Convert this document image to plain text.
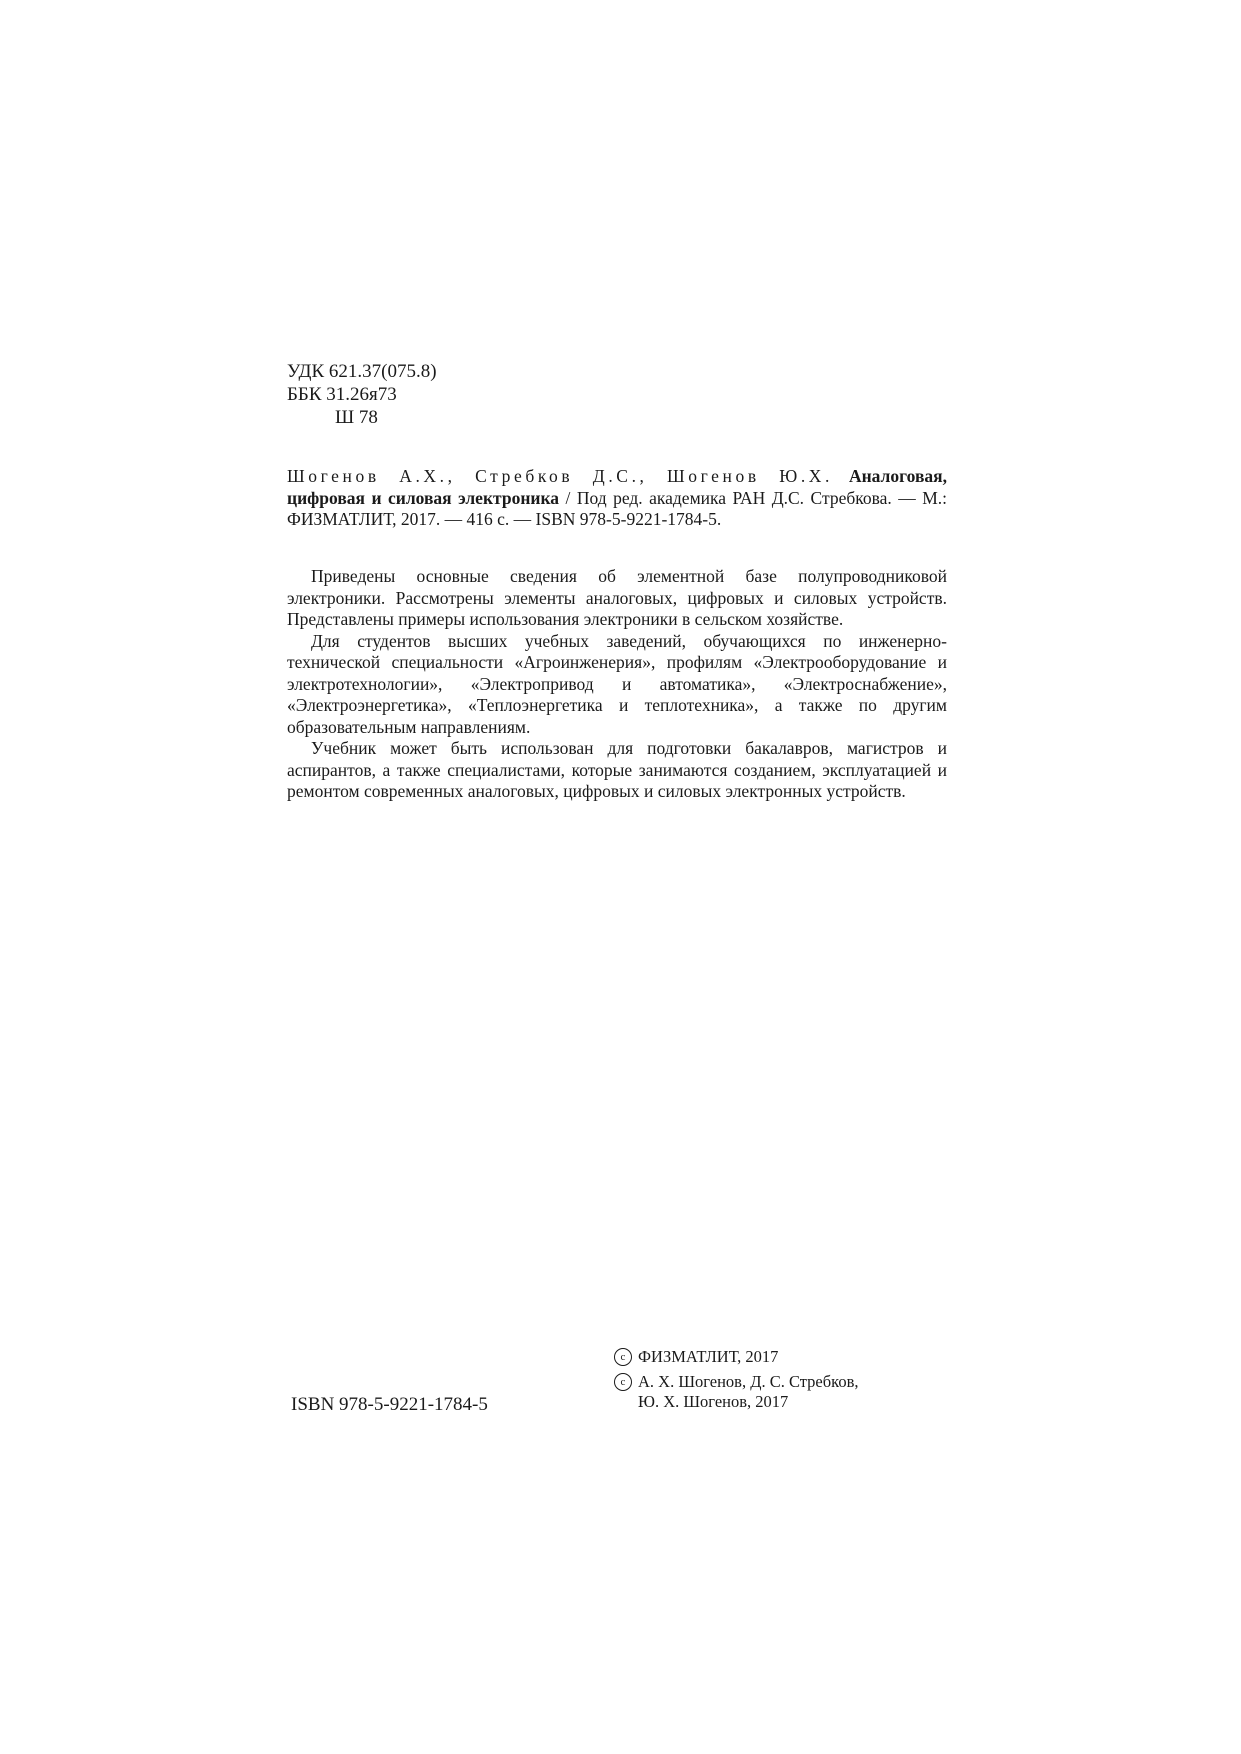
УДК 621.37(075.8)
ББК 31.26я73
Ш 78
Шогенов А.Х., Стребков Д.С., Шогенов Ю.Х. Аналоговая, цифровая и силовая электроника / Под ред. академика РАН Д.С. Стребкова. — М.: ФИЗМАТЛИТ, 2017. — 416 с. — ISBN 978-5-9221-1784-5.

Приведены основные сведения об элементной базе полупроводниковой электроники. Рассмотрены элементы аналоговых, цифровых и силовых устройств. Представлены примеры использования электроники в сельском хозяйстве.

Для студентов высших учебных заведений, обучающихся по инженерно-технической специальности «Агроинженерия», профилям «Электрооборудование и электротехнологии», «Электропривод и автоматика», «Электроснабжение», «Электроэнергетика», «Теплоэнергетика и теплотехника», а также по другим образовательным направлениям.

Учебник может быть использован для подготовки бакалавров, магистров и аспирантов, а также специалистами, которые занимаются созданием, эксплуатацией и ремонтом современных аналоговых, цифровых и силовых электронных устройств.

ISBN 978-5-9221-1784-5
c ФИЗМАТЛИТ, 2017
c А. Х. Шогенов, Д. С. Стребков,
Ю. Х. Шогенов, 2017
